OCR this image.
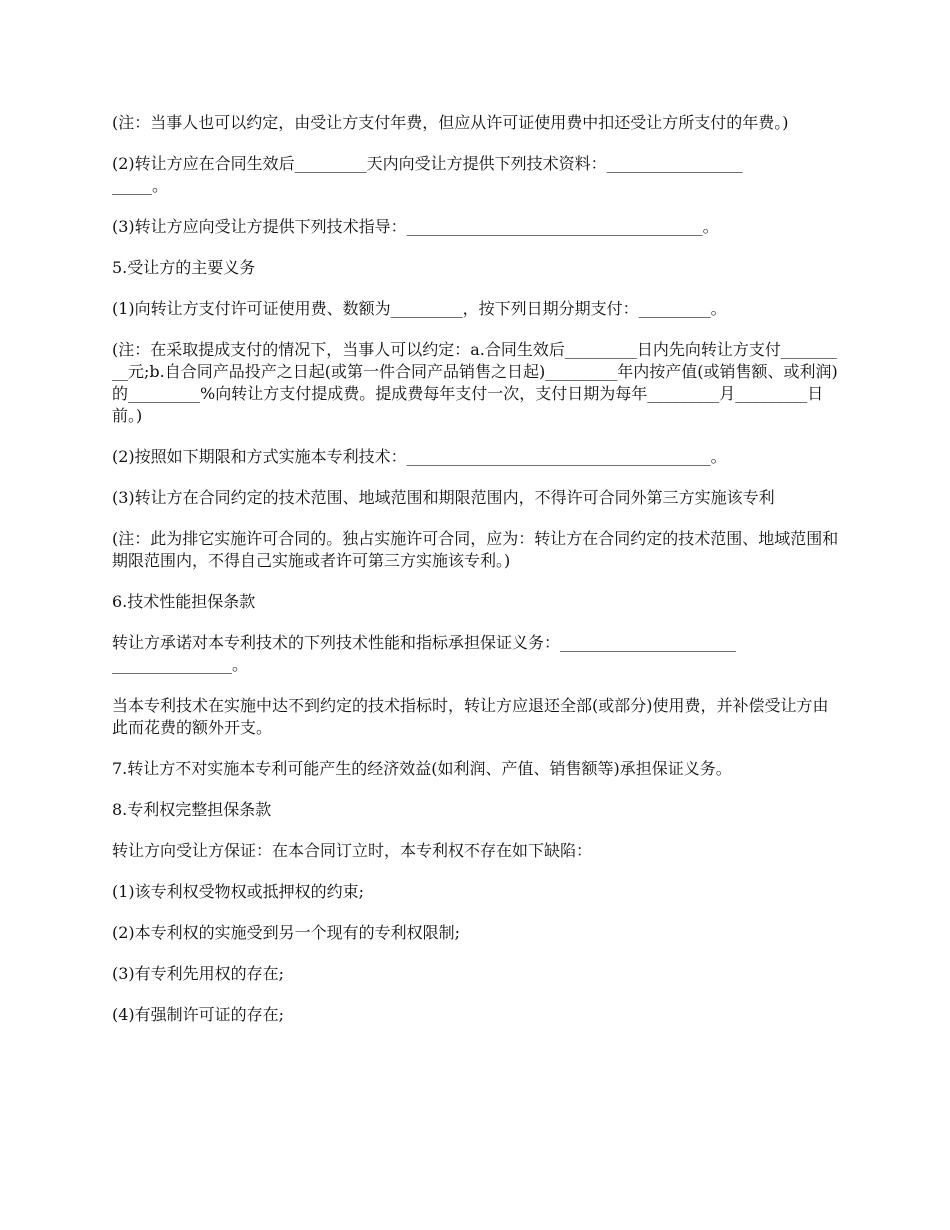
(注：当事人也可以约定，由受让方支付年费，但应从许可证使用费中扣还受让方所支付的年费。)

(2)转让方应在合同生效后_________天内向受让方提供下列技术资料：_________________
_____。

(3)转让方应向受让方提供下列技术指导：_____________________________________。

5.受让方的主要义务

(1)向转让方支付许可证使用费、数额为_________，按下列日期分期支付：_________。

(注：在采取提成支付的情况下，当事人可以约定：a.合同生效后_________日内先向转让方支付_________元;b.自合同产品投产之日起(或第一件合同产品销售之日起)_________年内按产值(或销售额、或利润)的_________%向转让方支付提成费。提成费每年支付一次，支付日期为每年_________月_________日前。)

(2)按照如下期限和方式实施本专利技术：______________________________________。

(3)转让方在合同约定的技术范围、地域范围和期限范围内，不得许可合同外第三方实施该专利

(注：此为排它实施许可合同的。独占实施许可合同，应为：转让方在合同约定的技术范围、地域范围和期限范围内，不得自己实施或者许可第三方实施该专利。)

6.技术性能担保条款

转让方承诺对本专利技术的下列技术性能和指标承担保证义务：______________________
_______________。

当本专利技术在实施中达不到约定的技术指标时，转让方应退还全部(或部分)使用费，并补偿受让方由此而花费的额外开支。

7.转让方不对实施本专利可能产生的经济效益(如利润、产值、销售额等)承担保证义务。

8.专利权完整担保条款

转让方向受让方保证：在本合同订立时，本专利权不存在如下缺陷：

(1)该专利权受物权或抵押权的约束;

(2)本专利权的实施受到另一个现有的专利权限制;

(3)有专利先用权的存在;

(4)有强制许可证的存在;
